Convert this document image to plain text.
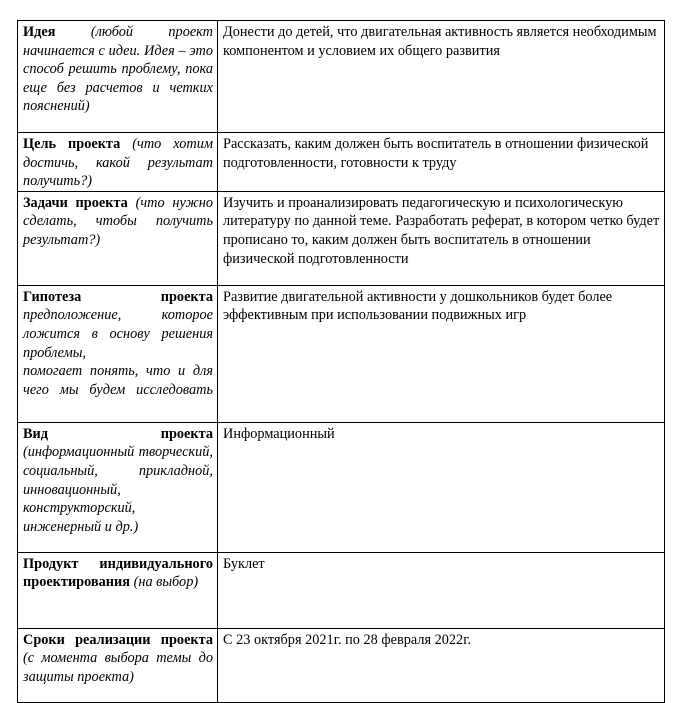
Идея (любой проект начинается с идеи. Идея – это способ решить проблему, пока еще без расчетов и четких пояснений)	Донести до детей, что двигательная активность является необходимым компонентом и условием их общего развития
Цель проекта (что хотим достичь, какой результат получить?)	Рассказать, каким должен быть воспитатель в отношении физической подготовленности, готовности к труду
Задачи проекта (что нужно сделать, чтобы получить результат?)	Изучить и проанализировать педагогическую и психологическую литературу по данной теме. Разработать реферат, в котором четко будет прописано то, каким должен быть воспитатель в отношении физической подготовленности

Гипотеза проекта
предположение, которое ложится в основу решения проблемы,
помогает понять, что и для чего мы будем исследовать	Развитие двигательной активности у дошкольников будет более эффективным при использовании подвижных игр
Вид проекта (информационный творческий, социальный, прикладной, инновационный, конструкторский, инженерный и др.)	Информационный
Продукт индивидуального проектирования (на выбор)	Буклет
Сроки реализации проекта (с момента выбора темы до защиты проекта)	С 23 октября 2021г. по 28 февраля 2022г.
